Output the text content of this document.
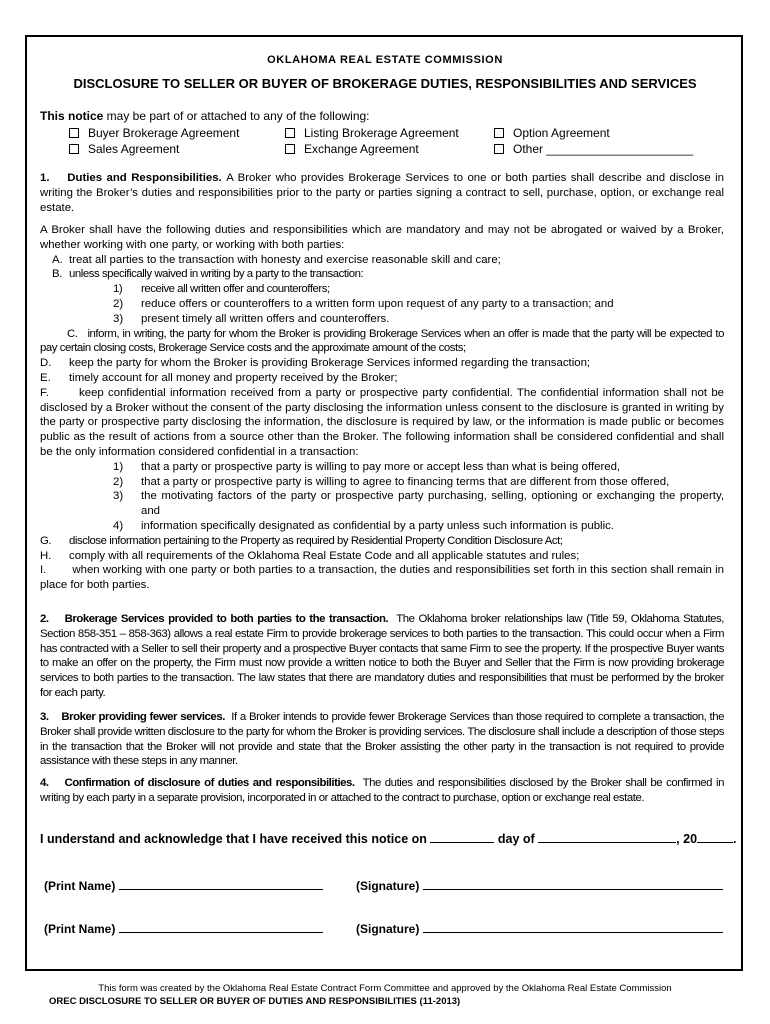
OKLAHOMA REAL ESTATE COMMISSION
DISCLOSURE TO SELLER OR BUYER OF BROKERAGE DUTIES, RESPONSIBILITIES AND SERVICES
This notice may be part of or attached to any of the following:
Buyer Brokerage Agreement	Listing Brokerage Agreement	Option Agreement
Sales Agreement	Exchange Agreement	Other ______________________
1. Duties and Responsibilities. A Broker who provides Brokerage Services to one or both parties shall describe and disclose in writing the Broker’s duties and responsibilities prior to the party or parties signing a contract to sell, purchase, option, or exchange real estate.
A Broker shall have the following duties and responsibilities which are mandatory and may not be abrogated or waived by a Broker, whether working with one party, or working with both parties:
A. treat all parties to the transaction with honesty and exercise reasonable skill and care;
B. unless specifically waived in writing by a party to the transaction:
1) receive all written offer and counteroffers;
2) reduce offers or counteroffers to a written form upon request of any party to a transaction; and
3) present timely all written offers and counteroffers.
C. inform, in writing, the party for whom the Broker is providing Brokerage Services when an offer is made that the party will be expected to pay certain closing costs, Brokerage Service costs and the approximate amount of the costs;
D. keep the party for whom the Broker is providing Brokerage Services informed regarding the transaction;
E. timely account for all money and property received by the Broker;
F.	keep confidential information received from a party or prospective party confidential. The confidential information shall not be disclosed by a Broker without the consent of the party disclosing the information unless consent to the disclosure is granted in writing by the party or prospective party disclosing the information, the disclosure is required by law, or the information is made public or becomes public as the result of actions from a source other than the Broker. The following information shall be considered confidential and shall be the only information considered confidential in a transaction:
1) that a party or prospective party is willing to pay more or accept less than what is being offered,
2) that a party or prospective party is willing to agree to financing terms that are different from those offered,
3) the motivating factors of the party or prospective party purchasing, selling, optioning or exchanging the property, and
4) information specifically designated as confidential by a party unless such information is public.
G. disclose information pertaining to the Property as required by Residential Property Condition Disclosure Act;
H. comply with all requirements of the Oklahoma Real Estate Code and all applicable statutes and rules;
I. when working with one party or both parties to a transaction, the duties and responsibilities set forth in this section shall remain in place for both parties.
2. Brokerage Services provided to both parties to the transaction. The Oklahoma broker relationships law (Title 59, Oklahoma Statutes, Section 858-351 – 858-363) allows a real estate Firm to provide brokerage services to both parties to the transaction. This could occur when a Firm has contracted with a Seller to sell their property and a prospective Buyer contacts that same Firm to see the property. If the prospective Buyer wants to make an offer on the property, the Firm must now provide a written notice to both the Buyer and Seller that the Firm is now providing brokerage services to both parties to the transaction. The law states that there are mandatory duties and responsibilities that must be performed by the broker for each party.
3. Broker providing fewer services. If a Broker intends to provide fewer Brokerage Services than those required to complete a transaction, the Broker shall provide written disclosure to the party for whom the Broker is providing services. The disclosure shall include a description of those steps in the transaction that the Broker will not provide and state that the Broker assisting the other party in the transaction is not required to provide assistance with these steps in any manner.
4. Confirmation of disclosure of duties and responsibilities. The duties and responsibilities disclosed by the Broker shall be confirmed in writing by each party in a separate provision, incorporated in or attached to the contract to purchase, option or exchange real estate.
I understand and acknowledge that I have received this notice on	day of	, 20	.
(Print Name)	(Signature)
(Print Name)	(Signature)
This form was created by the Oklahoma Real Estate Contract Form Committee and approved by the Oklahoma Real Estate Commission
OREC DISCLOSURE TO SELLER OR BUYER OF DUTIES AND RESPONSIBILITIES (11-2013)
